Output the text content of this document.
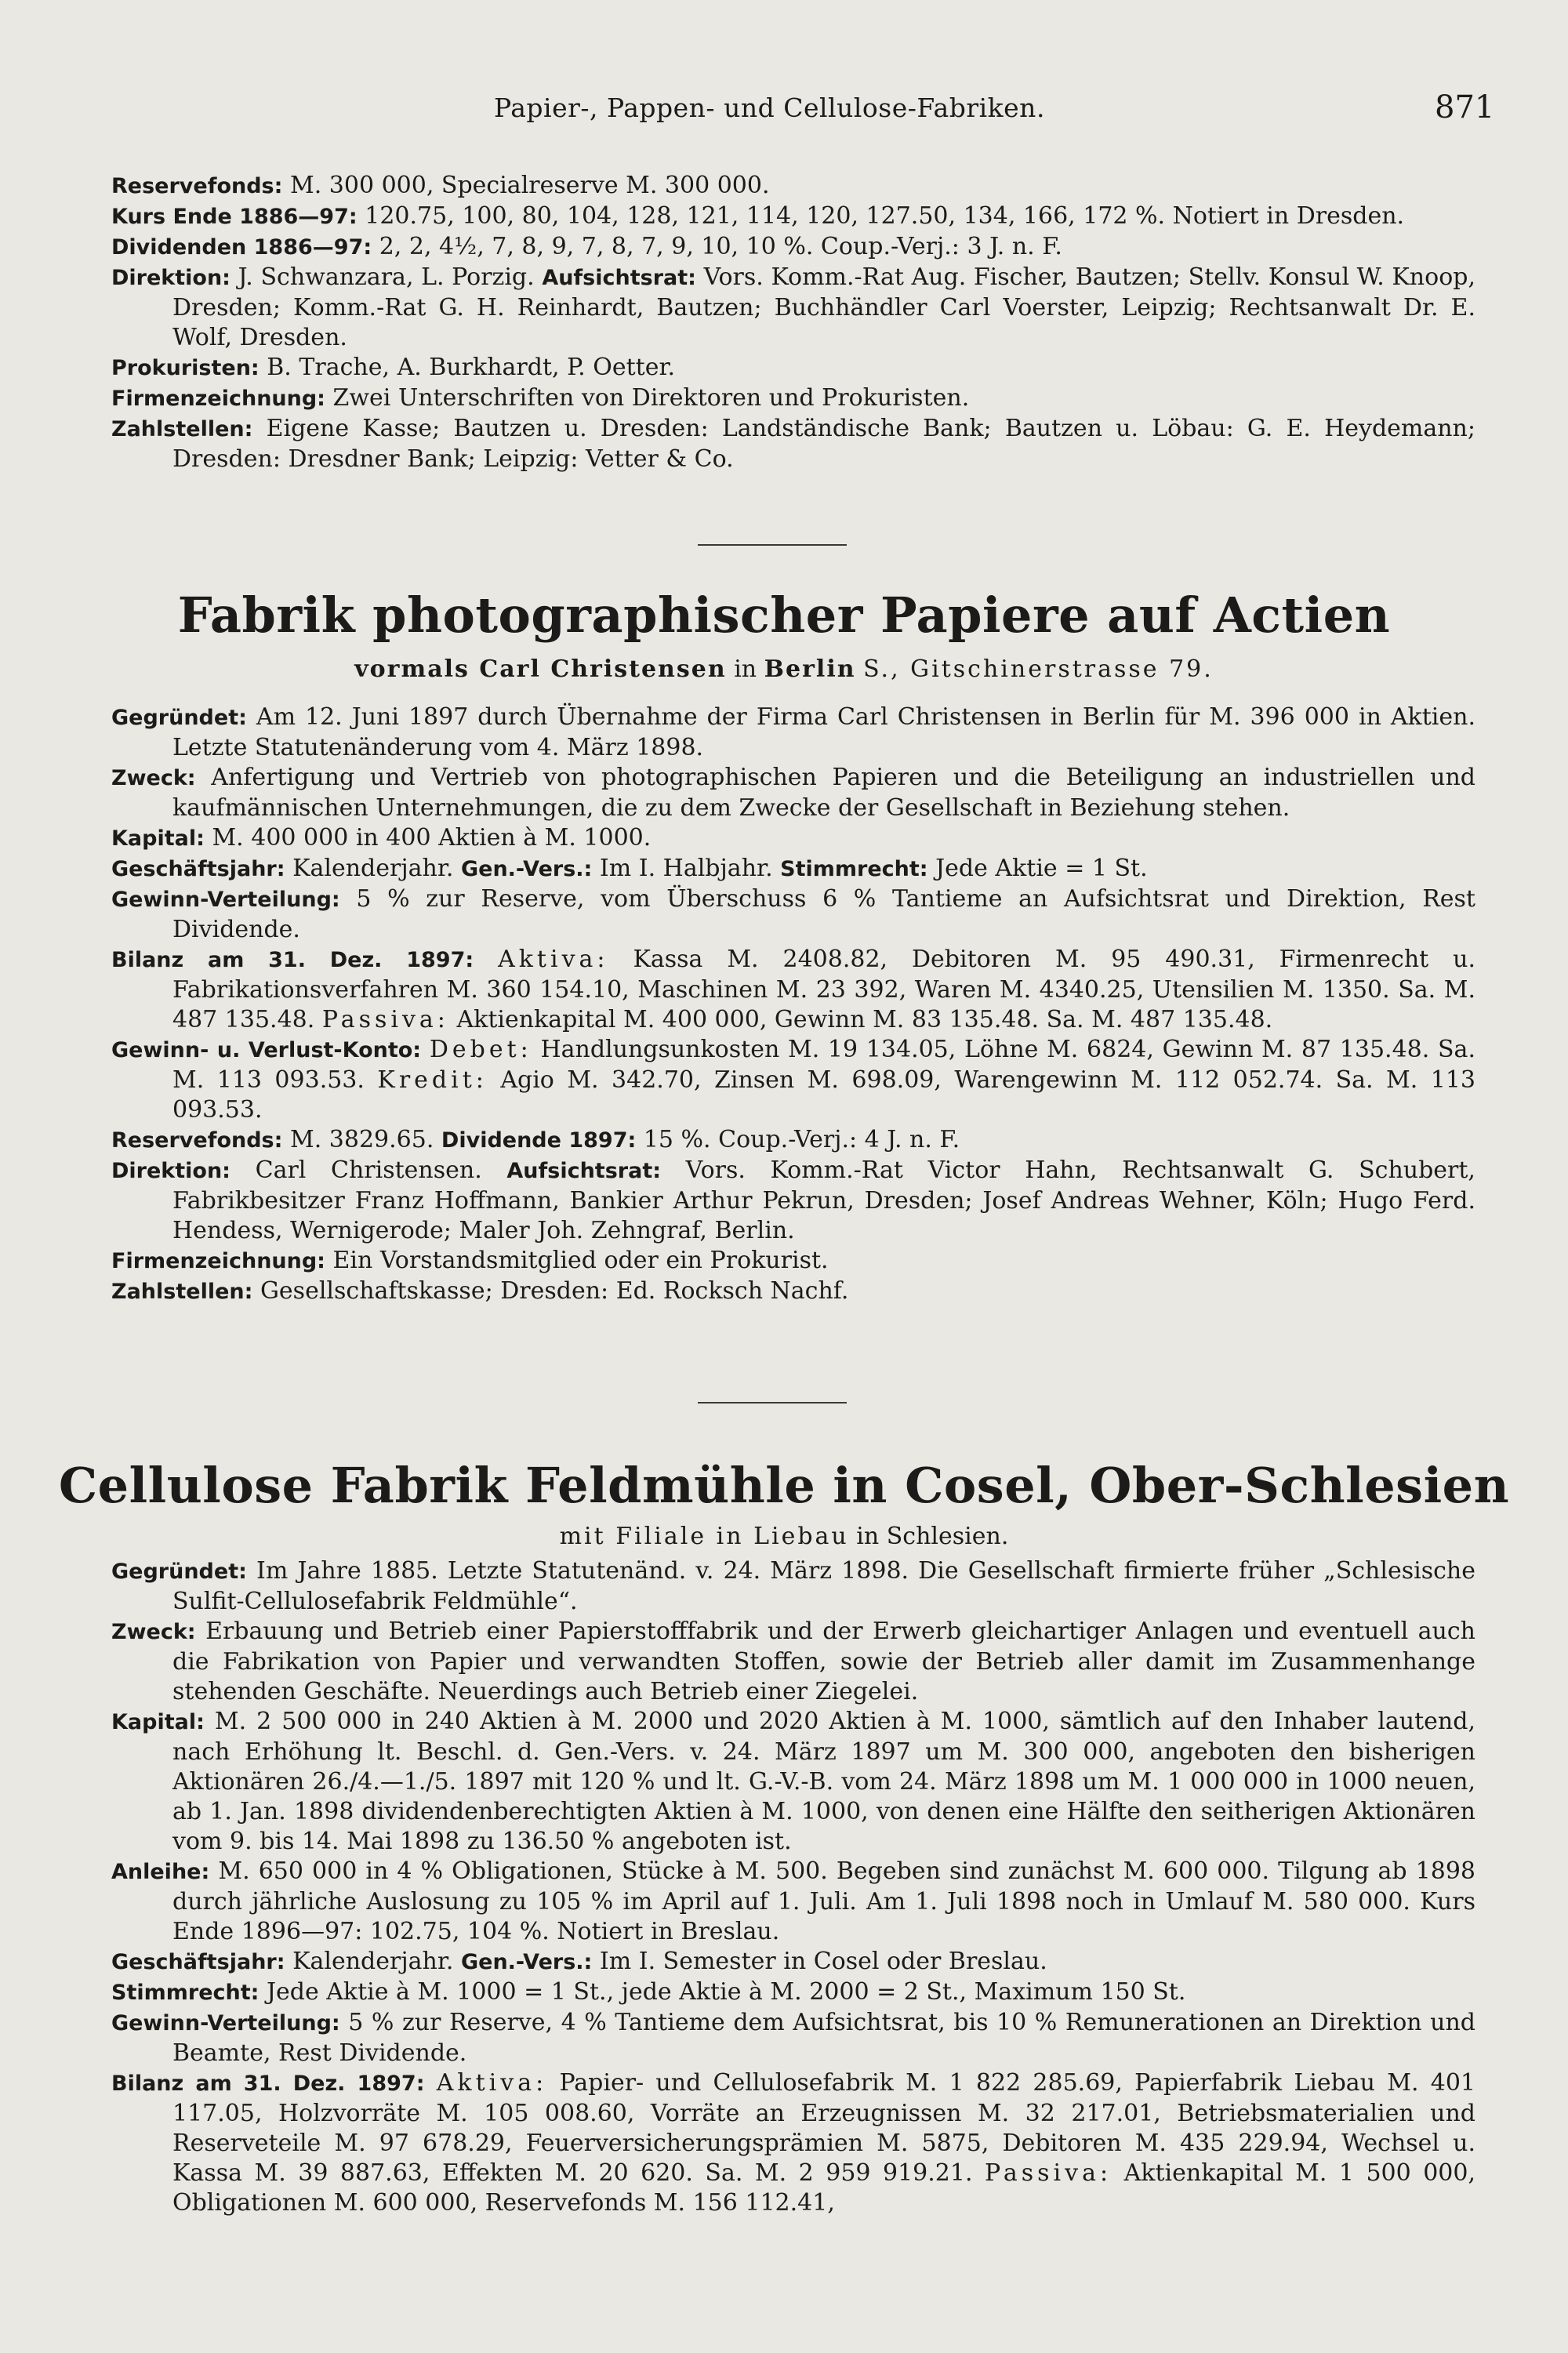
Papier-, Pappen- und Cellulose-Fabriken.	871

Reservefonds: M. 300 000, Specialreserve M. 300 000.

Kurs Ende 1886—97: 120.75, 100, 80, 104, 128, 121, 114, 120, 127.50, 134, 166, 172 %. Notiert in Dresden.

Dividenden 1886—97: 2, 2, 4½, 7, 8, 9, 7, 8, 7, 9, 10, 10 %. Coup.-Verj.: 3 J. n. F.

Direktion: J. Schwanzara, L. Porzig. Aufsichtsrat: Vors. Komm.-Rat Aug. Fischer, Bautzen; Stellv. Konsul W. Knoop, Dresden; Komm.-Rat G. H. Reinhardt, Bautzen; Buchhändler Carl Voerster, Leipzig; Rechtsanwalt Dr. E. Wolf, Dresden.

Prokuristen: B. Trache, A. Burkhardt, P. Oetter.

Firmenzeichnung: Zwei Unterschriften von Direktoren und Prokuristen.

Zahlstellen: Eigene Kasse; Bautzen u. Dresden: Landständische Bank; Bautzen u. Löbau: G. E. Heydemann; Dresden: Dresdner Bank; Leipzig: Vetter & Co.

Fabrik photographischer Papiere auf Actien
vormals Carl Christensen in Berlin S., Gitschinerstrasse 79.

Gegründet: Am 12. Juni 1897 durch Übernahme der Firma Carl Christensen in Berlin für M. 396 000 in Aktien. Letzte Statutenänderung vom 4. März 1898.

Zweck: Anfertigung und Vertrieb von photographischen Papieren und die Beteiligung an industriellen und kaufmännischen Unternehmungen, die zu dem Zwecke der Gesellschaft in Beziehung stehen.

Kapital: M. 400 000 in 400 Aktien à M. 1000.

Geschäftsjahr: Kalenderjahr. Gen.-Vers.: Im I. Halbjahr. Stimmrecht: Jede Aktie = 1 St.

Gewinn-Verteilung: 5 % zur Reserve, vom Überschuss 6 % Tantieme an Aufsichtsrat und Direktion, Rest Dividende.

Bilanz am 31. Dez. 1897: Aktiva: Kassa M. 2408.82, Debitoren M. 95 490.31, Firmenrecht u. Fabrikationsverfahren M. 360 154.10, Maschinen M. 23 392, Waren M. 4340.25, Utensilien M. 1350. Sa. M. 487 135.48. Passiva: Aktienkapital M. 400 000, Gewinn M. 83 135.48. Sa. M. 487 135.48.

Gewinn- u. Verlust-Konto: Debet: Handlungsunkosten M. 19 134.05, Löhne M. 6824, Gewinn M. 87 135.48. Sa. M. 113 093.53. Kredit: Agio M. 342.70, Zinsen M. 698.09, Warengewinn M. 112 052.74. Sa. M. 113 093.53.

Reservefonds: M. 3829.65. Dividende 1897: 15 %. Coup.-Verj.: 4 J. n. F.

Direktion: Carl Christensen. Aufsichtsrat: Vors. Komm.-Rat Victor Hahn, Rechtsanwalt G. Schubert, Fabrikbesitzer Franz Hoffmann, Bankier Arthur Pekrun, Dresden; Josef Andreas Wehner, Köln; Hugo Ferd. Hendess, Wernigerode; Maler Joh. Zehngraf, Berlin.

Firmenzeichnung: Ein Vorstandsmitglied oder ein Prokurist.

Zahlstellen: Gesellschaftskasse; Dresden: Ed. Rocksch Nachf.

Cellulose Fabrik Feldmühle in Cosel, Ober-Schlesien
mit Filiale in Liebau in Schlesien.

Gegründet: Im Jahre 1885. Letzte Statutenänd. v. 24. März 1898. Die Gesellschaft firmierte früher „Schlesische Sulfit-Cellulosefabrik Feldmühle“.

Zweck: Erbauung und Betrieb einer Papierstofffabrik und der Erwerb gleichartiger Anlagen und eventuell auch die Fabrikation von Papier und verwandten Stoffen, sowie der Betrieb aller damit im Zusammenhange stehenden Geschäfte. Neuerdings auch Betrieb einer Ziegelei.

Kapital: M. 2 500 000 in 240 Aktien à M. 2000 und 2020 Aktien à M. 1000, sämtlich auf den Inhaber lautend, nach Erhöhung lt. Beschl. d. Gen.-Vers. v. 24. März 1897 um M. 300 000, angeboten den bisherigen Aktionären 26./4.—1./5. 1897 mit 120 % und lt. G.-V.-B. vom 24. März 1898 um M. 1 000 000 in 1000 neuen, ab 1. Jan. 1898 dividendenberechtigten Aktien à M. 1000, von denen eine Hälfte den seitherigen Aktionären vom 9. bis 14. Mai 1898 zu 136.50 % angeboten ist.

Anleihe: M. 650 000 in 4 % Obligationen, Stücke à M. 500. Begeben sind zunächst M. 600 000. Tilgung ab 1898 durch jährliche Auslosung zu 105 % im April auf 1. Juli. Am 1. Juli 1898 noch in Umlauf M. 580 000. Kurs Ende 1896—97: 102.75, 104 %. Notiert in Breslau.

Geschäftsjahr: Kalenderjahr. Gen.-Vers.: Im I. Semester in Cosel oder Breslau.

Stimmrecht: Jede Aktie à M. 1000 = 1 St., jede Aktie à M. 2000 = 2 St., Maximum 150 St.

Gewinn-Verteilung: 5 % zur Reserve, 4 % Tantieme dem Aufsichtsrat, bis 10 % Remunerationen an Direktion und Beamte, Rest Dividende.

Bilanz am 31. Dez. 1897: Aktiva: Papier- und Cellulosefabrik M. 1 822 285.69, Papierfabrik Liebau M. 401 117.05, Holzvorräte M. 105 008.60, Vorräte an Erzeugnissen M. 32 217.01, Betriebsmaterialien und Reserveteile M. 97 678.29, Feuerversicherungsprämien M. 5875, Debitoren M. 435 229.94, Wechsel u. Kassa M. 39 887.63, Effekten M. 20 620. Sa. M. 2 959 919.21. Passiva: Aktienkapital M. 1 500 000, Obligationen M. 600 000, Reservefonds M. 156 112.41,
